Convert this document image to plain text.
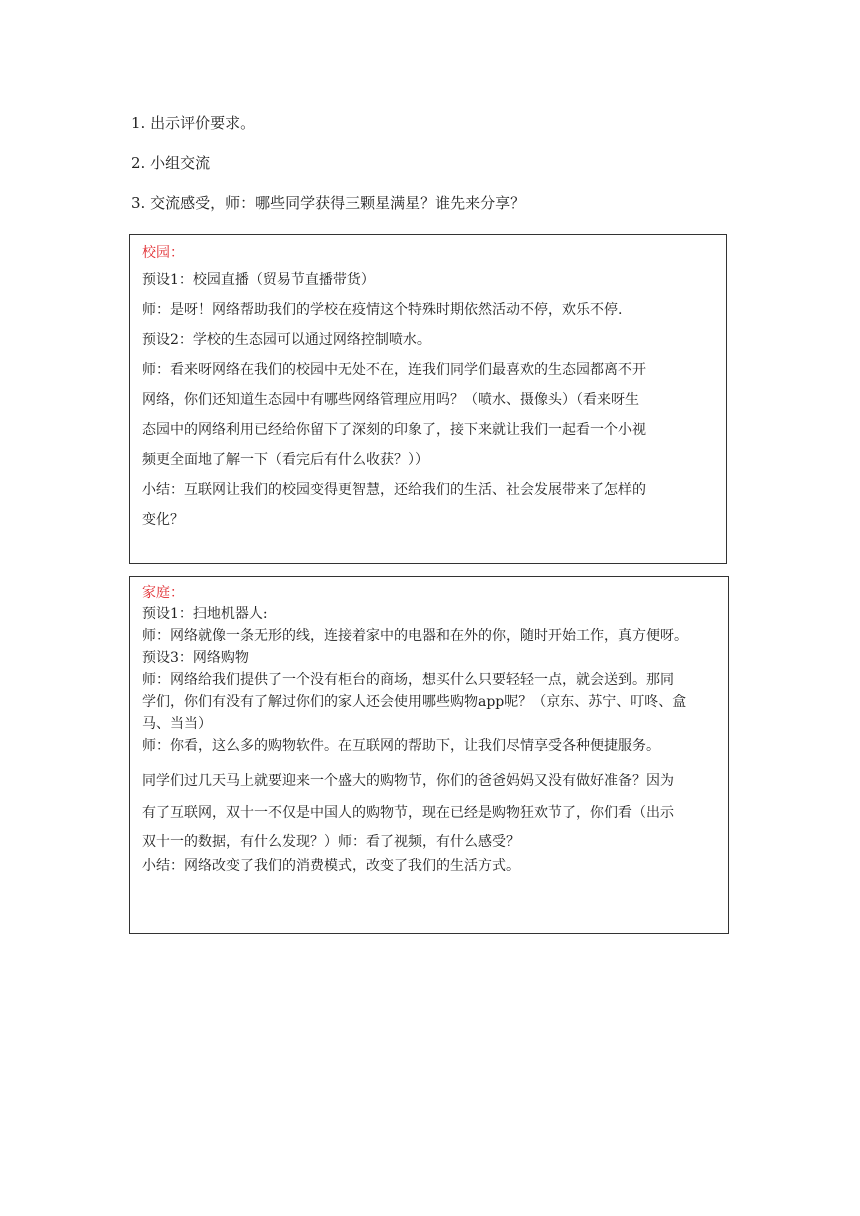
1. 出示评价要求。
2. 小组交流
3. 交流感受，师：哪些同学获得三颗星满星？谁先来分享？

校园：

预设1：校园直播（贸易节直播带货）

师：是呀！网络帮助我们的学校在疫情这个特殊时期依然活动不停，欢乐不停.

预设2：学校的生态园可以通过网络控制喷水。

师：看来呀网络在我们的校园中无处不在，连我们同学们最喜欢的生态园都离不开

网络，你们还知道生态园中有哪些网络管理应用吗？（喷水、摄像头）（看来呀生

态园中的网络利用已经给你留下了深刻的印象了，接下来就让我们一起看一个小视

频更全面地了解一下（看完后有什么收获？））

小结：互联网让我们的校园变得更智慧，还给我们的生活、社会发展带来了怎样的

变化？

家庭：

预设1：扫地机器人:

师：网络就像一条无形的线，连接着家中的电器和在外的你，随时开始工作，真方便呀。

预设3：网络购物

师：网络给我们提供了一个没有柜台的商场，想买什么只要轻轻一点，就会送到。那同

学们，你们有没有了解过你们的家人还会使用哪些购物app呢？（京东、苏宁、叮咚、盒

马、当当）

师：你看，这么多的购物软件。在互联网的帮助下，让我们尽情享受各种便捷服务。

同学们过几天马上就要迎来一个盛大的购物节，你们的爸爸妈妈又没有做好准备？因为

有了互联网，双十一不仅是中国人的购物节，现在已经是购物狂欢节了，你们看（出示

双十一的数据，有什么发现？）师：看了视频，有什么感受？

小结：网络改变了我们的消费模式，改变了我们的生活方式。
